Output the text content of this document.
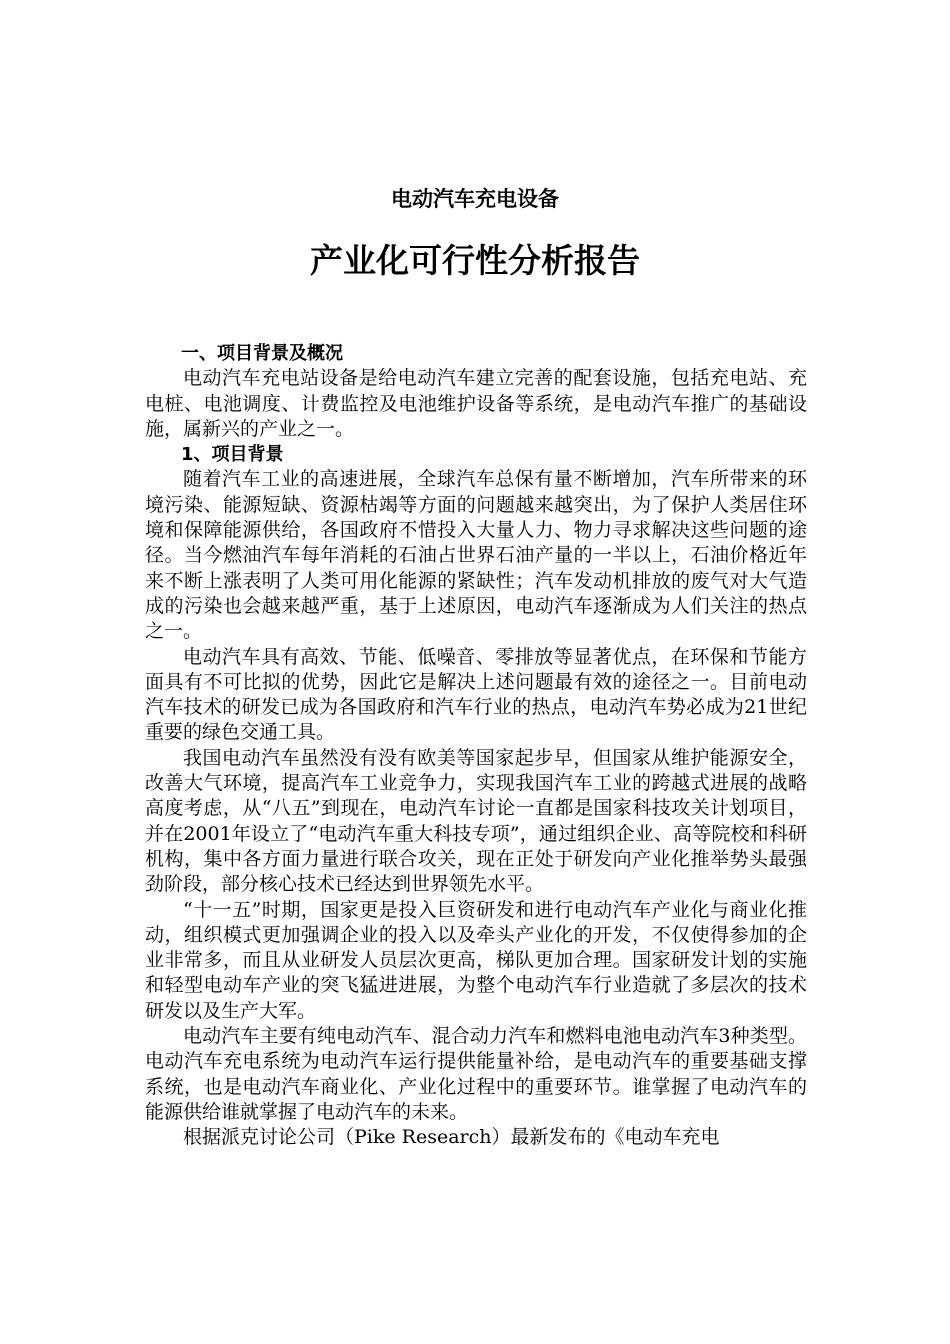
电动汽车充电设备
产业化可行性分析报告

一、项目背景及概况

电动汽车充电站设备是给电动汽车建立完善的配套设施，包括充电站、充电桩、电池调度、计费监控及电池维护设备等系统，是电动汽车推广的基础设施，属新兴的产业之一。

1、项目背景

随着汽车工业的高速进展，全球汽车总保有量不断增加，汽车所带来的环境污染、能源短缺、资源枯竭等方面的问题越来越突出，为了保护人类居住环境和保障能源供给，各国政府不惜投入大量人力、物力寻求解决这些问题的途径。当今燃油汽车每年消耗的石油占世界石油产量的一半以上，石油价格近年来不断上涨表明了人类可用化能源的紧缺性；汽车发动机排放的废气对大气造成的污染也会越来越严重，基于上述原因，电动汽车逐渐成为人们关注的热点之一。

电动汽车具有高效、节能、低噪音、零排放等显著优点，在环保和节能方面具有不可比拟的优势，因此它是解决上述问题最有效的途径之一。目前电动汽车技术的研发已成为各国政府和汽车行业的热点，电动汽车势必成为21世纪重要的绿色交通工具。

我国电动汽车虽然没有没有欧美等国家起步早，但国家从维护能源安全，改善大气环境，提高汽车工业竞争力，实现我国汽车工业的跨越式进展的战略高度考虑，从“八五”到现在，电动汽车讨论一直都是国家科技攻关计划项目，并在2001年设立了“电动汽车重大科技专项”，通过组织企业、高等院校和科研机构，集中各方面力量进行联合攻关，现在正处于研发向产业化推举势头最强劲阶段，部分核心技术已经达到世界领先水平。

“十一五”时期，国家更是投入巨资研发和进行电动汽车产业化与商业化推动，组织模式更加强调企业的投入以及牵头产业化的开发，不仅使得参加的企业非常多，而且从业研发人员层次更高，梯队更加合理。国家研发计划的实施和轻型电动车产业的突飞猛进进展，为整个电动汽车行业造就了多层次的技术研发以及生产大军。

电动汽车主要有纯电动汽车、混合动力汽车和燃料电池电动汽车3种类型。电动汽车充电系统为电动汽车运行提供能量补给，是电动汽车的重要基础支撑系统，也是电动汽车商业化、产业化过程中的重要环节。谁掌握了电动汽车的能源供给谁就掌握了电动汽车的未来。

根据派克讨论公司（Pike Research）最新发布的《电动车充电
